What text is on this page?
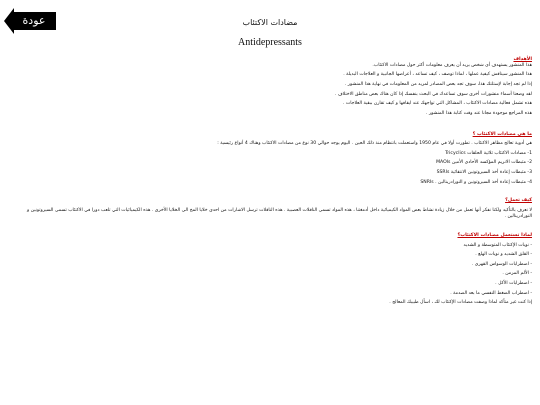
عودة	مضادات الاكتئاب
Antidepressants
الأهداف

هذا المنشور يستهدف أي شخص يريد أن يعرف معلومات أكثر حول مضادات الاكتئاب.

هذا المنشور سيناقش كيفية عملها ، لماذا توصف ، كيف تساعد ، أعراضها الجانبية و العلاجات البديلة .

إذا لم تجد إجابة لإستلتك هذا، سوف تجد بعض المصادر لمزيد من المعلومات في نهاية هذا المنشور .

لقد وضعنا أسماء منشورات أخرى سوف تساعدك في البحث بنفسك إذا كان هناك بعض مناطق الاختلاف .

هذه تشمل فعالية مضادات الاكتئاب ، المشاكل التي تواجهك عند ايقافها و كيف تقارن ببقية العلاجات .

هذه المراجع موجودة مجانا عند وقت كتابة هذا المنشور .

ما هي مضادات الاكتئاب ؟

هي أدوية تعالج مظاهر الاكتئاب . تطورت أولا في عام 1950 واستعملت بانتظام منذ ذلك الحين . اليوم يوجد حوالي 30 نوع من مضادات الاكتئاب وهناك 4 أنواع رئيسية :

1- مضادات الاكتئاب ثلاثية الحلقات Tricyclics

2- مثبطات الانزيم المؤكسد الأحادي الأمين MAOIs

3- مثبطات إعادة أخذ السيروتونين الانتقائية SSRIs

4- مثبطات إعادة أخذ السيروتونين و النورادرينالين . SNRIs

كيف تعمل؟

لا نعرف بالتأكيد ولكنا نفكر أنها تعمل من خلال زيادة نشاط بعض المواد الكيميائية داخل أدمغتنا ، هذه المواد تسمى الناقلات العصبية . هذه الناقلات ترسل الاشارات من احدى خلايا المخ الى الخلايا الأخرى . هذه الكيميائيات التي تلعب دورا في الاكتئاب تسمى السيروتونين و النورادرينالين .

لماذا تستعمل مضادات الاكتئاب؟

- نوبات الإكتئاب المتوسطة و الشديد

- القلق الشديد و نوبات الهلع .

- اضطرابات الوسواس القهري .

- الألم المزمن .

- اضطرابات الأكل .

- اضطراب الضغط النفسي ما بعد الصدمة .

إذا كنت غير متأكد لماذا وصفت مضادات الإكتئاب لك ، اسأل طبيبك المعالج .
